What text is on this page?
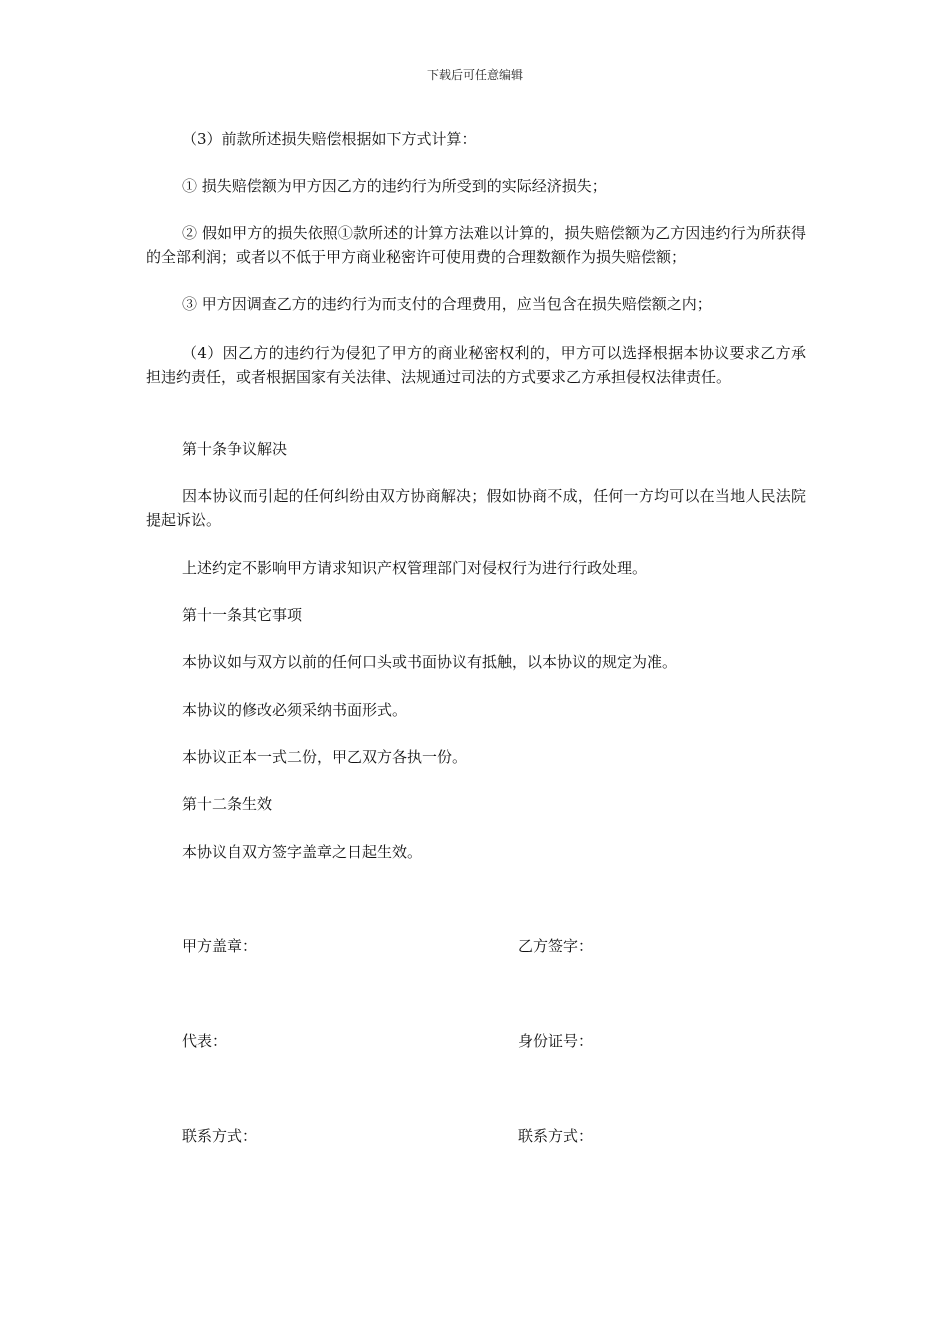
下载后可任意编辑

（3）前款所述损失赔偿根据如下方式计算：

① 损失赔偿额为甲方因乙方的违约行为所受到的实际经济损失；

② 假如甲方的损失依照①款所述的计算方法难以计算的，损失赔偿额为乙方因违约行为所获得的全部利润；或者以不低于甲方商业秘密许可使用费的合理数额作为损失赔偿额；

③ 甲方因调查乙方的违约行为而支付的合理费用，应当包含在损失赔偿额之内；

（4）因乙方的违约行为侵犯了甲方的商业秘密权利的，甲方可以选择根据本协议要求乙方承担违约责任，或者根据国家有关法律、法规通过司法的方式要求乙方承担侵权法律责任。

第十条争议解决

因本协议而引起的任何纠纷由双方协商解决；假如协商不成，任何一方均可以在当地人民法院提起诉讼。

上述约定不影响甲方请求知识产权管理部门对侵权行为进行行政处理。

第十一条其它事项

本协议如与双方以前的任何口头或书面协议有抵触，以本协议的规定为准。

本协议的修改必须采纳书面形式。

本协议正本一式二份，甲乙双方各执一份。

第十二条生效

本协议自双方签字盖章之日起生效。

甲方盖章：	乙方签字：
代表：	身份证号：
联系方式：	联系方式：
